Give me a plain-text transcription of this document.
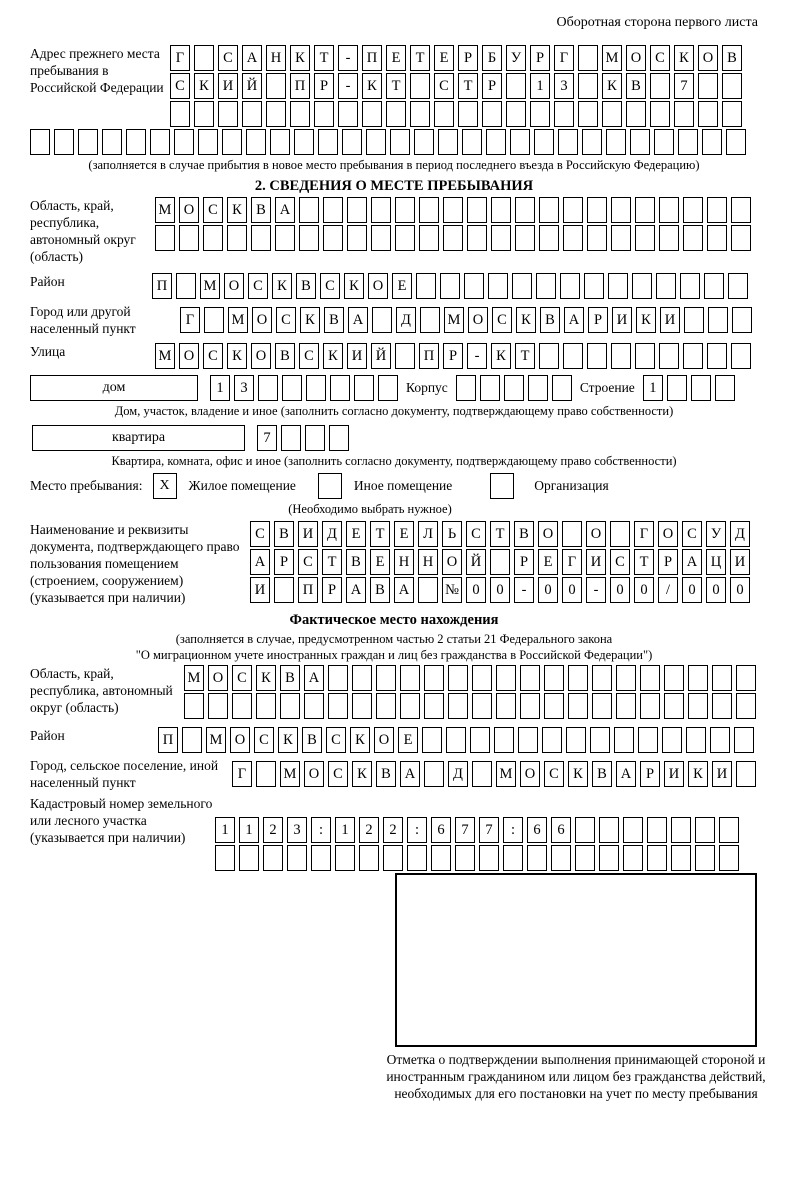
Оборотная сторона первого листа
Адрес прежнего места пребывания в Российской Федерации
Г	С А Н К	Т	-	П Е	Т	Е	Р	Б	У	Р	Г	М О С К О В
С К И Й	П	Р	-	К	Т	С	Т	Р	1	3	К В	7
(заполняется в случае прибытия в новое место пребывания в период последнего въезда в Российскую Федерацию)
2. СВЕДЕНИЯ О МЕСТЕ ПРЕБЫВАНИЯ
Область, край, республика, автономный округ (область)
М О С К В А
Район	П	М О С К В С К О Е
Город или другой населенный пункт
Г	М О С К В А	Д	М О С К В А	Р	И К И
Улица	М О С К О В С К И Й	П	Р	-	К	Т
дом	1	3	Корпус	Строение 1
Дом, участок, владение и иное (заполнить согласно документу, подтверждающему право собственности)
квартира	7
Квартира, комната, офис и иное (заполнить согласно документу, подтверждающему право собственности)
Место пребывания:	X	Жилое помещение	Иное помещение	Организация
(Необходимо выбрать нужное)
Наименование и реквизиты документа, подтверждающего право пользования помещением (строением, сооружением) (указывается при наличии)
С В И Д	Е	Т	Е	Л	Ь	С	Т	В О	О	Г	О С У Д
А	Р	С	Т	В	Е Н Н О Й	Р	Е	Г	И С	Т	Р	А Ц И
И	П	Р	А В А	№ 0	0	-	0	0	-	0	0	/	0	0	0
Фактическое место нахождения
(заполняется в случае, предусмотренном частью 2 статьи 21 Федерального закона
"О миграционном учете иностранных граждан и лиц без гражданства в Российской Федерации")
Область, край, республика, автономный округ (область)
М О С К В А
Район	П	М О С К В С К О Е
Город, сельское поселение, иной населенный пункт
Г	М О С К В А	Д	М О С К В А	Р	И К И
Кадастровый номер земельного или лесного участка (указывается при наличии)	1	1	2	3	:	1	2	2	:	6	7	7	:	6	6
Отметка о подтверждении выполнения принимающей стороной и иностранным гражданином или лицом без гражданства действий, необходимых для его постановки на учет по месту пребывания
